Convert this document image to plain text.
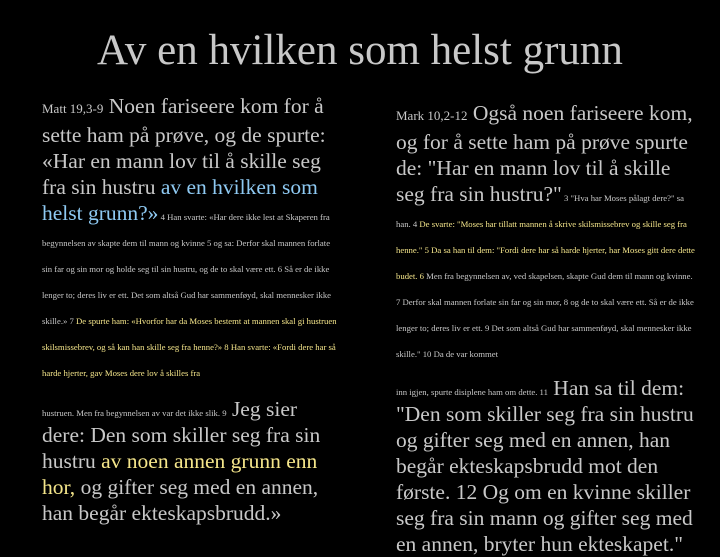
Av en hvilken som helst grunn

Matt 19,3-9 Noen fariseere kom for å sette ham på prøve, og de spurte: «Har en mann lov til å skille seg fra sin hustru av en hvilken som helst grunn?» 4 Han svarte: «Har dere ikke lest at Skaperen fra begynnelsen av skapte dem til mann og kvinne 5 og sa: Derfor skal mannen forlate sin far og sin mor og holde seg til sin hustru, og de to skal være ett. 6 Så er de ikke lenger to; deres liv er ett. Det som altså Gud har sammenføyd, skal mennesker ikke skille.» 7 De spurte ham: «Hvorfor har da Moses bestemt at mannen skal gi hustruen skilsmissebrev, og så kan han skille seg fra henne?» 8 Han svarte: «Fordi dere har så harde hjerter, gav Moses dere lov å skilles fra

hustruen. Men fra begynnelsen av var det ikke slik. 9 Jeg sier dere: Den som skiller seg fra sin hustru av noen annen grunn enn hor, og gifter seg med en annen, han begår ekteskapsbrudd.»

Mark 10,2-12 Også noen fariseere kom, og for å sette ham på prøve spurte de: "Har en mann lov til å skille seg fra sin hustru?" 3 "Hva har Moses pålagt dere?" sa han. 4 De svarte: "Moses har tillatt mannen å skrive skilsmissebrev og skille seg fra henne." 5 Da sa han til dem: "Fordi dere har så harde hjerter, har Moses gitt dere dette budet. 6 Men fra begynnelsen av, ved skapelsen, skapte Gud dem til mann og kvinne. 7 Derfor skal mannen forlate sin far og sin mor, 8 og de to skal være ett. Så er de ikke lenger to; deres liv er ett. 9 Det som altså Gud har sammenføyd, skal mennesker ikke skille." 10 Da de var kommet

inn igjen, spurte disiplene ham om dette. 11 Han sa til dem: "Den som skiller seg fra sin hustru og gifter seg med en annen, han begår ekteskapsbrudd mot den første. 12 Og om en kvinne skiller seg fra sin mann og gifter seg med en annen, bryter hun ekteskapet."
